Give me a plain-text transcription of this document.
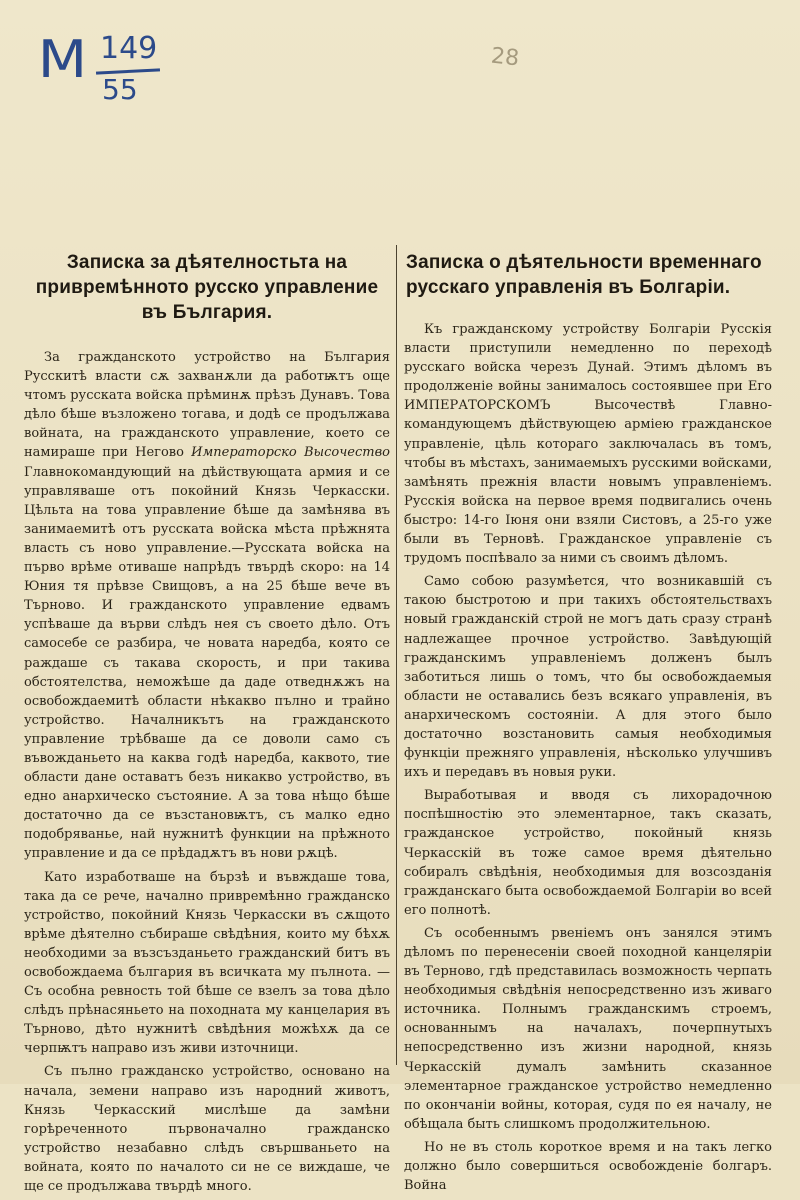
M 149
55
28
Записка за дѣятелностьта на привремѣнното русско управление въ България.

За гражданското устройство на България Русскитѣ власти сѫ захванѫли да работѭтъ още чтомъ русската войска прѣминѫ прѣзъ Дунавъ. Това дѣло бѣше възложено тогава, и додѣ се продължава войната, на гражданското управление, което се намираше при Негово Императорско Высочество Главнокомандующий на дѣйствующата армия и се управляваше отъ покойний Князь Черкасски. Цѣльта на това управление бѣше да замѣнява въ занимаемитѣ отъ русската войска мѣста прѣжнята власть съ ново управление.—Русската войска на първо врѣме отиваше напрѣдъ твърдѣ скоро: на 14 Юния тя прѣвзе Свищовъ, а на 25 бѣше вече въ Търново. И гражданското управление едвамъ успѣваше да върви слѣдъ нея съ своето дѣло. Отъ самосебе се разбира, че новата наредба, която се раждаше съ такава скорость, и при такива обстоятелства, неможѣше да даде отведнѫжъ на освобождаемитѣ области нѣкакво пълно и трайно устройство. Началникътъ на гражданското управление трѣбваше да се доволи само съ въвожданьето на каква годѣ наредба, каквото, тие области дане оставатъ безъ никакво устройство, въ едно анархическо състояние. А за това нѣщо бѣше достаточно да се възстановѭтъ, съ малко едно подобряванье, най нужнитѣ функции на прѣжното управление и да се прѣдадѫтъ въ нови рѫцѣ.

Като изработваше на бързѣ и въвждаше това, така да се рече, начално привремѣнно гражданско устройство, покойний Князь Черкасски въ сѫщото врѣме дѣятелно събираше свѣдѣния, които му бѣхѫ необходими за възсъзданьето гражданский битъ въ освобождаема българия въ всичката му пълнота. — Съ особна ревность той бѣше се взелъ за това дѣло слѣдъ прѣнасяньето на походната му канцелария въ Търново, дѣто нужнитѣ свѣдѣния можѣхѫ да се черпѭтъ направо изъ живи източници.

Съ пълно гражданско устройство, основано на начала, земени направо изъ народний животъ, Князь Черкасский мислѣше да замѣни горѣреченното първоначално гражданско устройство незабавно слѣдъ свършваньето на войната, която по началото си не се виждаше, че ще се продължава твърдѣ много.

Записка о дѣятельности временнаго русскаго управленія въ Болгаріи.

Къ гражданскому устройству Болгаріи Русскія власти приступили немедленно по переходѣ русскаго войска черезъ Дунай. Этимъ дѣломъ въ продолженіе войны занималось состоявшее при Его ИМПЕРАТОРСКОМЪ Высочествѣ Главно-командующемъ дѣйствующею арміею гражданское управленіе, цѣль котораго заключалась въ томъ, чтобы въ мѣстахъ, занимаемыхъ русскими войсками, замѣнять прежнія власти новымъ управленіемъ. Русскія войска на первое время подвигались очень быстро: 14-го Іюня они взяли Систовъ, а 25-го уже были въ Терновѣ. Гражданское управленіе съ трудомъ поспѣвало за ними съ своимъ дѣломъ.

Само собою разумѣется, что возникавшій съ такою быстротою и при такихъ обстоятельствахъ новый гражданскій строй не могъ дать сразу странѣ надлежащее прочное устройство. Завѣдующій гражданскимъ управленіемъ долженъ былъ заботиться лишь о томъ, что бы освобождаемыя области не оставались безъ всякаго управленія, въ анархическомъ состояніи. А для этого было достаточно возстановить самыя необходимыя функціи прежняго управленія, нѣсколько улучшивъ ихъ и передавъ въ новыя руки.

Выработывая и вводя съ лихорадочною поспѣшностію это элементарное, такъ сказать, гражданское устройство, покойный князь Черкасскій въ тоже самое время дѣятельно собиралъ свѣдѣнія, необходимыя для возсозданія гражданскаго быта освобождаемой Болгаріи во всей его полнотѣ.

Съ особеннымъ рвеніемъ онъ занялся этимъ дѣломъ по перенесеніи своей походной канцеляріи въ Терново, гдѣ представилась возможность черпать необходимыя свѣдѣнія непосредственно изъ живаго источника. Полнымъ гражданскимъ строемъ, основаннымъ на началахъ, почерпнутыхъ непосредственно изъ жизни народной, князь Черкасскій думалъ замѣнить сказанное элементарное гражданское устройство немедленно по окончаніи войны, которая, судя по ея началу, не обѣщала быть слишкомъ продолжительною.

Но не въ столь короткое время и на такъ легко должно было совершиться освобожденіе болгаръ. Война
